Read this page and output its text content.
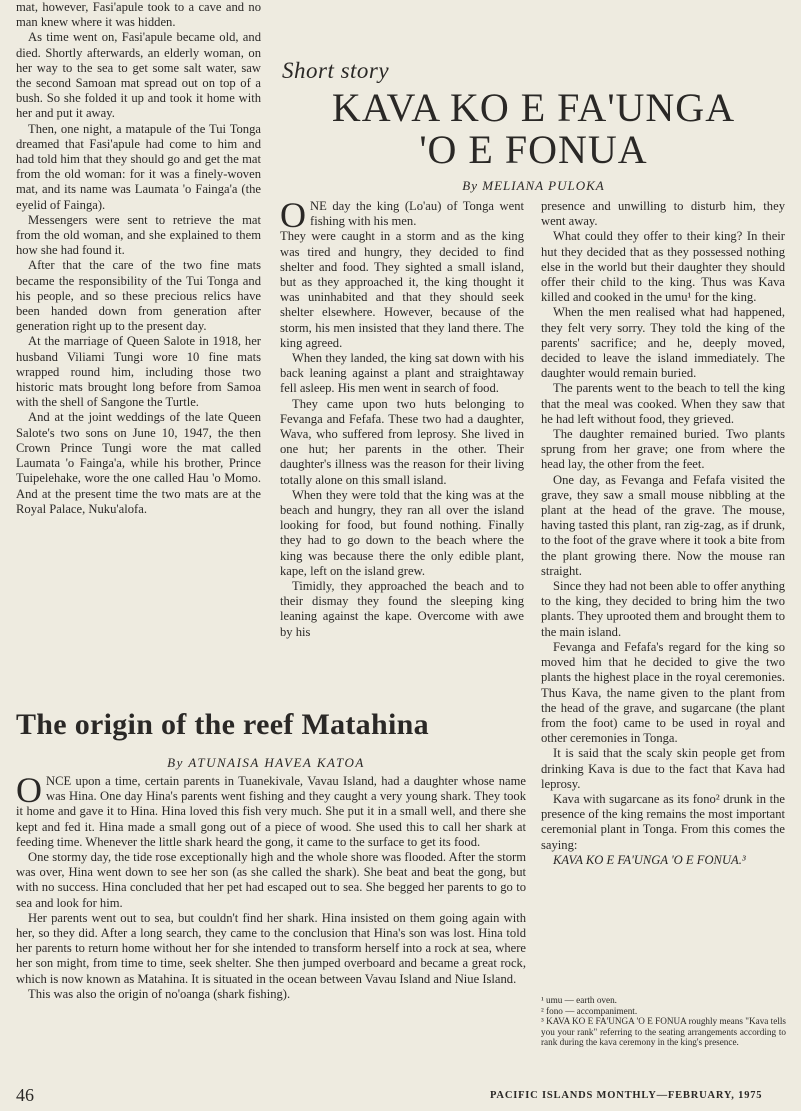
mat, however, Fasi'apule took to a cave and no man knew where it was hidden.

As time went on, Fasi'apule became old, and died. Shortly afterwards, an elderly woman, on her way to the sea to get some salt water, saw the second Samoan mat spread out on top of a bush. So she folded it up and took it home with her and put it away.

Then, one night, a matapule of the Tui Tonga dreamed that Fasi'apule had come to him and had told him that they should go and get the mat from the old woman: for it was a finely-woven mat, and its name was Laumata 'o Fainga'a (the eyelid of Fainga).

Messengers were sent to retrieve the mat from the old woman, and she explained to them how she had found it.

After that the care of the two fine mats became the responsibility of the Tui Tonga and his people, and so these precious relics have been handed down from generation after generation right up to the present day.

At the marriage of Queen Salote in 1918, her husband Viliami Tungi wore 10 fine mats wrapped round him, including those two historic mats brought long before from Samoa with the shell of Sangone the Turtle.

And at the joint weddings of the late Queen Salote's two sons on June 10, 1947, the then Crown Prince Tungi wore the mat called Laumata 'o Fainga'a, while his brother, Prince Tuipelehake, wore the one called Hau 'o Momo. And at the present time the two mats are at the Royal Palace, Nuku'alofa.

Short story
KAVA KO E FA'UNGA
'O E FONUA
By MELIANA PULOKA

ONE day the king (Lo'au) of Tonga went fishing with his men.

They were caught in a storm and as the king was tired and hungry, they decided to find shelter and food. They sighted a small island, but as they approached it, the king thought it was uninhabited and that they should seek shelter elsewhere. However, because of the storm, his men insisted that they land there. The king agreed.

When they landed, the king sat down with his back leaning against a plant and straightaway fell asleep. His men went in search of food.

They came upon two huts belonging to Fevanga and Fefafa. These two had a daughter, Wava, who suffered from leprosy. She lived in one hut; her parents in the other. Their daughter's illness was the reason for their living totally alone on this small island.

When they were told that the king was at the beach and hungry, they ran all over the island looking for food, but found nothing. Finally they had to go down to the beach where the king was because there the only edible plant, kape, left on the island grew.

Timidly, they approached the beach and to their dismay they found the sleeping king leaning against the kape. Overcome with awe by his

presence and unwilling to disturb him, they went away.

What could they offer to their king? In their hut they decided that as they possessed nothing else in the world but their daughter they should offer their child to the king. Thus was Kava killed and cooked in the umu¹ for the king.

When the men realised what had happened, they felt very sorry. They told the king of the parents' sacrifice; and he, deeply moved, decided to leave the island immediately. The daughter would remain buried.

The parents went to the beach to tell the king that the meal was cooked. When they saw that he had left without food, they grieved.

The daughter remained buried. Two plants sprung from her grave; one from where the head lay, the other from the feet.

One day, as Fevanga and Fefafa visited the grave, they saw a small mouse nibbling at the plant at the head of the grave. The mouse, having tasted this plant, ran zig-zag, as if drunk, to the foot of the grave where it took a bite from the plant growing there. Now the mouse ran straight.

Since they had not been able to offer anything to the king, they decided to bring him the two plants. They uprooted them and brought them to the main island.

Fevanga and Fefafa's regard for the king so moved him that he decided to give the two plants the highest place in the royal ceremonies. Thus Kava, the name given to the plant from the head of the grave, and sugarcane (the plant from the foot) came to be used in royal and other ceremonies in Tonga.

It is said that the scaly skin people get from drinking Kava is due to the fact that Kava had leprosy.

Kava with sugarcane as its fono² drunk in the presence of the king remains the most important ceremonial plant in Tonga. From this comes the saying:

KAVA KO E FA'UNGA 'O E FONUA.³

¹ umu — earth oven.

² fono — accompaniment.

³ KAVA KO E FA'UNGA 'O E FONUA roughly means "Kava tells you your rank" referring to the seating arrangements according to rank during the kava ceremony in the king's presence.

The origin of the reef Matahina
By ATUNAISA HAVEA KATOA

ONCE upon a time, certain parents in Tuanekivale, Vavau Island, had a daughter whose name was Hina. One day Hina's parents went fishing and they caught a very young shark. They took it home and gave it to Hina. Hina loved this fish very much. She put it in a small well, and there she kept and fed it. Hina made a small gong out of a piece of wood. She used this to call her shark at feeding time. Whenever the little shark heard the gong, it came to the surface to get its food.

One stormy day, the tide rose exceptionally high and the whole shore was flooded. After the storm was over, Hina went down to see her son (as she called the shark). She beat and beat the gong, but with no success. Hina concluded that her pet had escaped out to sea. She begged her parents to go to sea and look for him.

Her parents went out to sea, but couldn't find her shark. Hina insisted on them going again with her, so they did. After a long search, they came to the conclusion that Hina's son was lost. Hina told her parents to return home without her for she intended to transform herself into a rock at sea, where her son might, from time to time, seek shelter. She then jumped overboard and became a great rock, which is now known as Matahina. It is situated in the ocean between Vavau Island and Niue Island.

This was also the origin of no'oanga (shark fishing).

46	PACIFIC ISLANDS MONTHLY—FEBRUARY, 1975
